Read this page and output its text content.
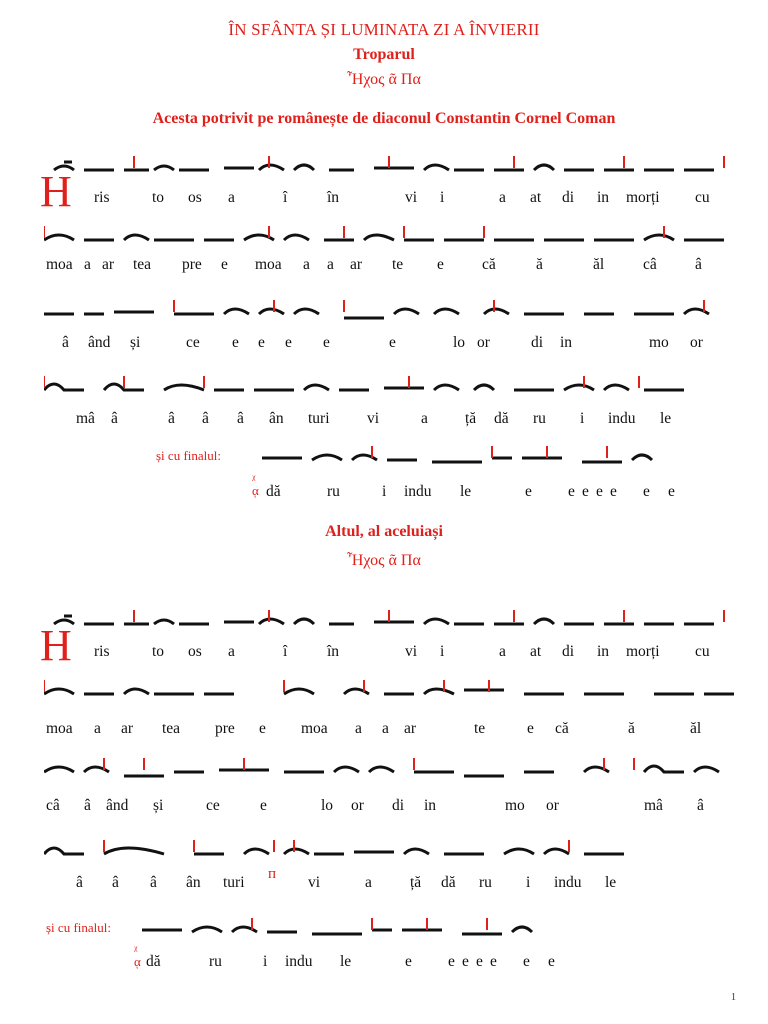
ÎN SFÂNTA ȘI LUMINATA ZI A ÎNVIERII
Troparul
Ἦχος ᾶ Πα
Acesta potrivit pe românește de diaconul Constantin Cornel Coman
H ris	to os a	î	în	vi i	a at di in morți cu
moa a ar tea pre e moa a a ar te e că	ă	ăl	câ â
â ând și	ce e e e e	e	lo or	di in	mo or
mâ â	â â â ân turi vi	a ță dă ru i indu le
și cu finalul:
ᵡ
ᾳ dă	ru	i indu le	e e e e e e e
Altul, al aceluiași
Ἦχος ᾶ Πα
H ris	to os a	î	în	vi i	a at di in morți cu
moa a ar tea pre e moa a a ar	te	e că	ă	ăl
câ â ând și	ce	e	lo or di in	mo or	mâ â
â â â ân turi	vi	a ță dă ru i indu le
ᴨ
și cu finalul:
ᵡ
ᾳ dă	ru	i indu le	e e e e e e e
1
